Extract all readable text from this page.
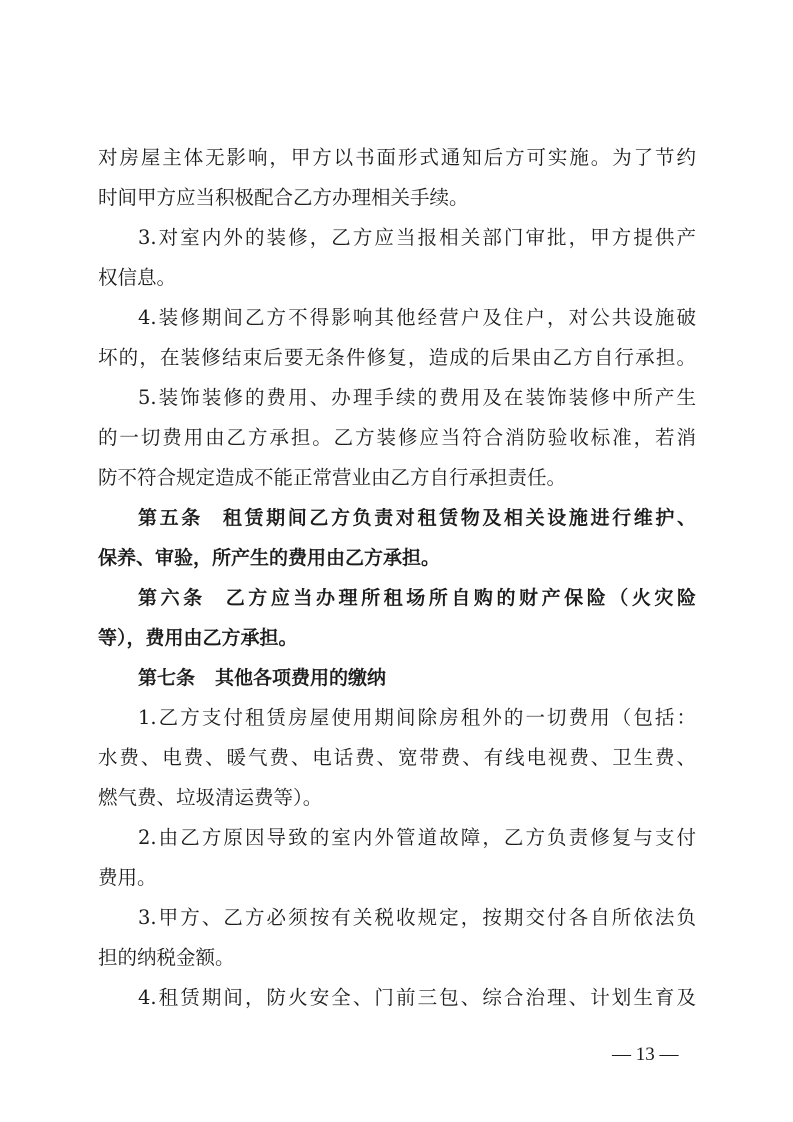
对房屋主体无影响，甲方以书面形式通知后方可实施。为了节约
时间甲方应当积极配合乙方办理相关手续。
3.对室内外的装修，乙方应当报相关部门审批，甲方提供产
权信息。
4.装修期间乙方不得影响其他经营户及住户，对公共设施破
坏的，在装修结束后要无条件修复，造成的后果由乙方自行承担。
5.装饰装修的费用、办理手续的费用及在装饰装修中所产生
的一切费用由乙方承担。乙方装修应当符合消防验收标准，若消
防不符合规定造成不能正常营业由乙方自行承担责任。
第五条 租赁期间乙方负责对租赁物及相关设施进行维护、
保养、审验，所产生的费用由乙方承担。
第六条 乙方应当办理所租场所自购的财产保险（火灾险
等），费用由乙方承担。
第七条 其他各项费用的缴纳
1.乙方支付租赁房屋使用期间除房租外的一切费用（包括：
水费、电费、暖气费、电话费、宽带费、有线电视费、卫生费、
燃气费、垃圾清运费等）。
2.由乙方原因导致的室内外管道故障，乙方负责修复与支付
费用。
3.甲方、乙方必须按有关税收规定，按期交付各自所依法负
担的纳税金额。
4.租赁期间，防火安全、门前三包、综合治理、计划生育及
— 13 —
